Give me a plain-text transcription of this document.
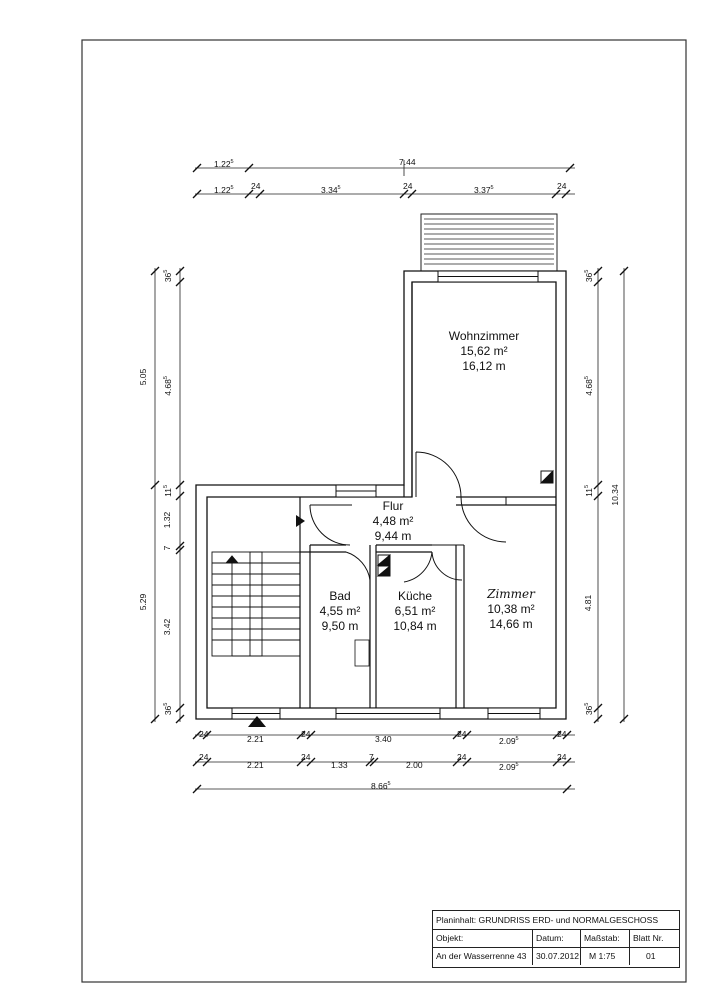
Wohnzimmer
15,62 m²
16,12 m
Flur
4,48 m²
9,44 m
Bad
4,55 m²
9,50 m
Küche
6,51 m²
10,84 m
Zimmer
10,38 m²
14,66 m
1.22$^5$	7.44
1.22$^5$ 24	3.34$^5$	24	3.37$^5$	24
24	2.21	24	3.40	24
2.09$^5$	24
24
2.21
24
1.33
7
2.00
24
2.09$^5$
24
8.66$^5$
5.05
5.29
$36^5$
4.68$^5$
$11^5$
1.32
7
3.42
$36^5$
$36^5$
4.68$^5$
$11^5$
4.81
$36^5$
10.34
Planinhalt: GRUNDRISS ERD- und NORMALGESCHOSS
Objekt:	Datum:	Maßstab:	Blatt Nr.
An der Wasserrenne 43	30.07.2012	M 1:75	01
